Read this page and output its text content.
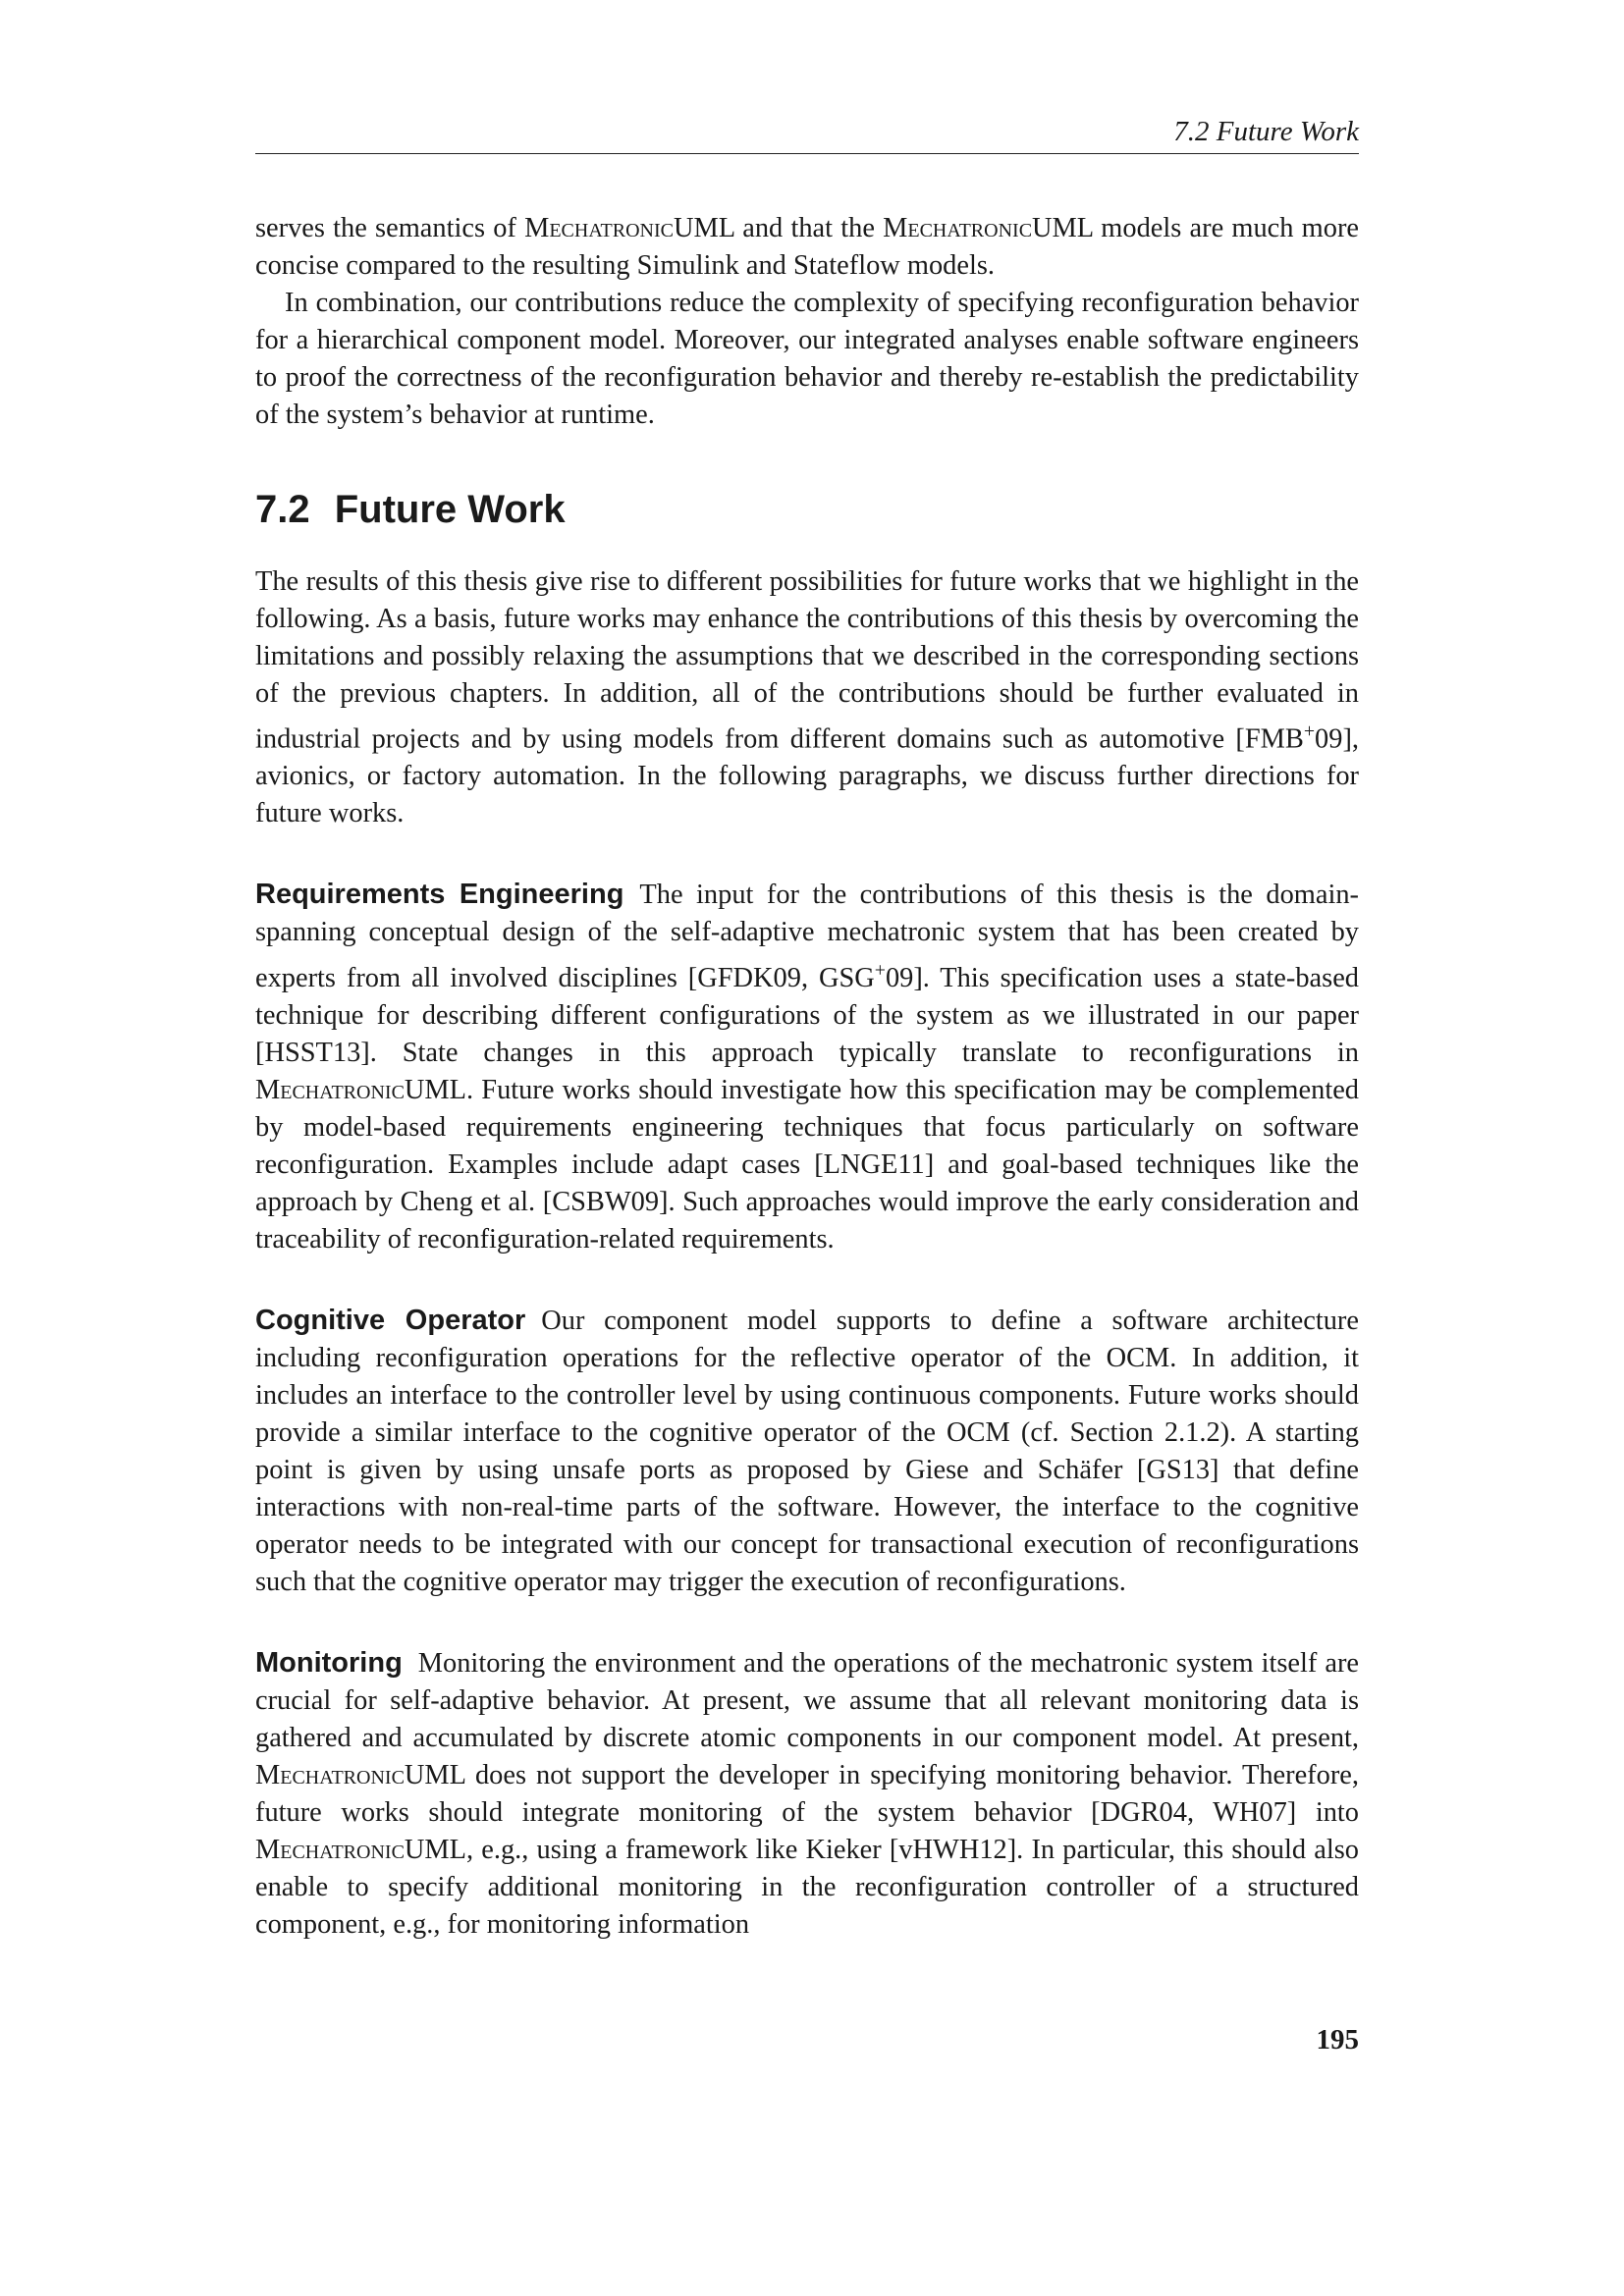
7.2 Future Work

serves the semantics of MechatronicUML and that the MechatronicUML models are much more concise compared to the resulting Simulink and Stateflow models.

In combination, our contributions reduce the complexity of specifying reconfiguration behavior for a hierarchical component model. Moreover, our integrated analyses enable software engineers to proof the correctness of the reconfiguration behavior and thereby re-establish the predictability of the system’s behavior at runtime.

7.2 Future Work

The results of this thesis give rise to different possibilities for future works that we highlight in the following. As a basis, future works may enhance the contributions of this thesis by overcoming the limitations and possibly relaxing the assumptions that we described in the corresponding sections of the previous chapters. In addition, all of the contributions should be further evaluated in industrial projects and by using models from different domains such as automotive [FMB+09], avionics, or factory automation. In the following paragraphs, we discuss further directions for future works.

Requirements Engineering The input for the contributions of this thesis is the domain-spanning conceptual design of the self-adaptive mechatronic system that has been created by experts from all involved disciplines [GFDK09, GSG+09]. This specification uses a state-based technique for describing different configurations of the system as we illustrated in our paper [HSST13]. State changes in this approach typically translate to reconfigurations in MechatronicUML. Future works should investigate how this specification may be complemented by model-based requirements engineering techniques that focus particularly on software reconfiguration. Examples include adapt cases [LNGE11] and goal-based techniques like the approach by Cheng et al. [CSBW09]. Such approaches would improve the early consideration and traceability of reconfiguration-related requirements.

Cognitive Operator Our component model supports to define a software architecture including reconfiguration operations for the reflective operator of the OCM. In addition, it includes an interface to the controller level by using continuous components. Future works should provide a similar interface to the cognitive operator of the OCM (cf. Section 2.1.2). A starting point is given by using unsafe ports as proposed by Giese and Schäfer [GS13] that define interactions with non-real-time parts of the software. However, the interface to the cognitive operator needs to be integrated with our concept for transactional execution of reconfigurations such that the cognitive operator may trigger the execution of reconfigurations.

Monitoring Monitoring the environment and the operations of the mechatronic system itself are crucial for self-adaptive behavior. At present, we assume that all relevant monitoring data is gathered and accumulated by discrete atomic components in our component model. At present, MechatronicUML does not support the developer in specifying monitoring behavior. Therefore, future works should integrate monitoring of the system behavior [DGR04, WH07] into MechatronicUML, e.g., using a framework like Kieker [vHWH12]. In particular, this should also enable to specify additional monitoring in the reconfiguration controller of a structured component, e.g., for monitoring information

195
